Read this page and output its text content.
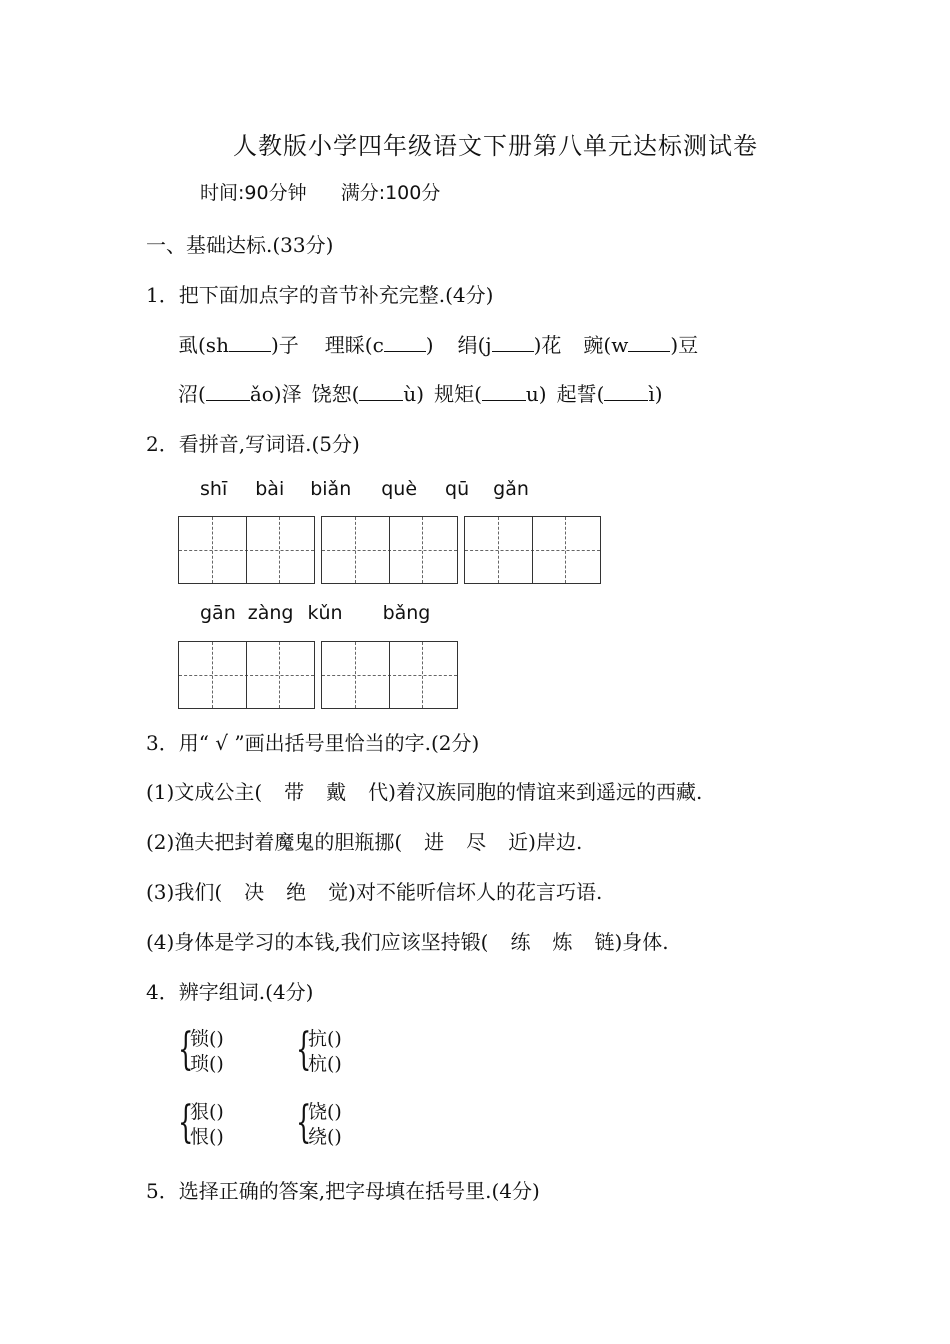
人教版小学四年级语文下册第八单元达标测试卷
时间:90分钟 满分:100分
一、基础达标.(33分)
1．把下面加点字的音节补充完整.(4分)
虱(sh )子 理睬(c ) 绢(j )花 豌(w )豆
沼( ǎo)泽 饶恕( ù) 规矩( u) 起誓( ì)
2．看拼音,写词语.(5分)
shī bài biǎn què qū gǎn
gān zàng kǔn bǎng
3．用“ √ ”画出括号里恰当的字.(2分)
(1)文成公主( 带 戴 代)着汉族同胞的情谊来到遥远的西藏.
(2)渔夫把封着魔鬼的胆瓶挪( 进 尽 近)岸边.
(3)我们( 决 绝 觉)对不能听信坏人的花言巧语.
(4)身体是学习的本钱,我们应该坚持锻( 练 炼 链)身体.
4．辨字组词.(4分)
{
锁()
琐() {
抗()
杭()
{
狠()
恨() {
饶()
绕()
5．选择正确的答案,把字母填在括号里.(4分)
